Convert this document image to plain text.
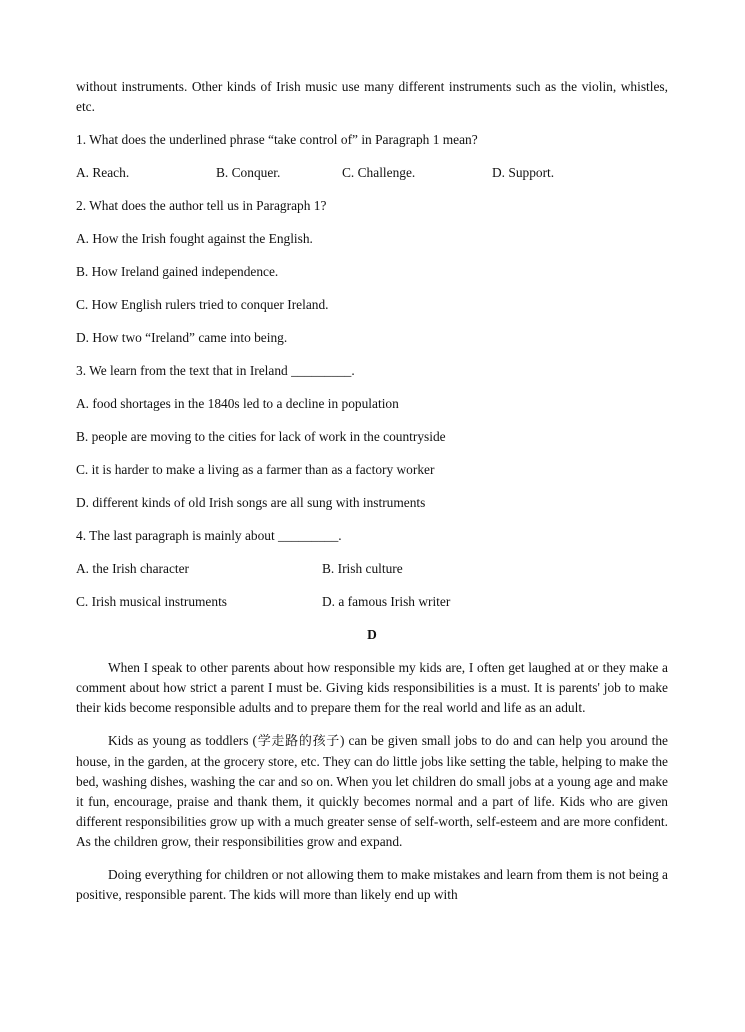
without instruments. Other kinds of Irish music use many different instruments such as the violin, whistles, etc.

1. What does the underlined phrase “take control of” in Paragraph 1 mean?

A. Reach.	B. Conquer.	C. Challenge.	D. Support.

2. What does the author tell us in Paragraph 1?

A. How the Irish fought against the English.

B. How Ireland gained independence.

C. How English rulers tried to conquer Ireland.

D. How two “Ireland” came into being.

3. We learn from the text that in Ireland _________.

A. food shortages in the 1840s led to a decline in population

B. people are moving to the cities for lack of work in the countryside

C. it is harder to make a living as a farmer than as a factory worker

D. different kinds of old Irish songs are all sung with instruments

4. The last paragraph is mainly about _________.

A. the Irish character	B. Irish culture
C. Irish musical instruments	D. a famous Irish writer

D

When I speak to other parents about how responsible my kids are, I often get laughed at or they make a comment about how strict a parent I must be. Giving kids responsibilities is a must. It is parents' job to make their kids become responsible adults and to prepare them for the real world and life as an adult.

Kids as young as toddlers (学走路的孩子) can be given small jobs to do and can help you around the house, in the garden, at the grocery store, etc. They can do little jobs like setting the table, helping to make the bed, washing dishes, washing the car and so on. When you let children do small jobs at a young age and make it fun, encourage, praise and thank them, it quickly becomes normal and a part of life. Kids who are given different responsibilities grow up with a much greater sense of self-worth, self-esteem and are more confident. As the children grow, their responsibilities grow and expand.

Doing everything for children or not allowing them to make mistakes and learn from them is not being a positive, responsible parent. The kids will more than likely end up with
